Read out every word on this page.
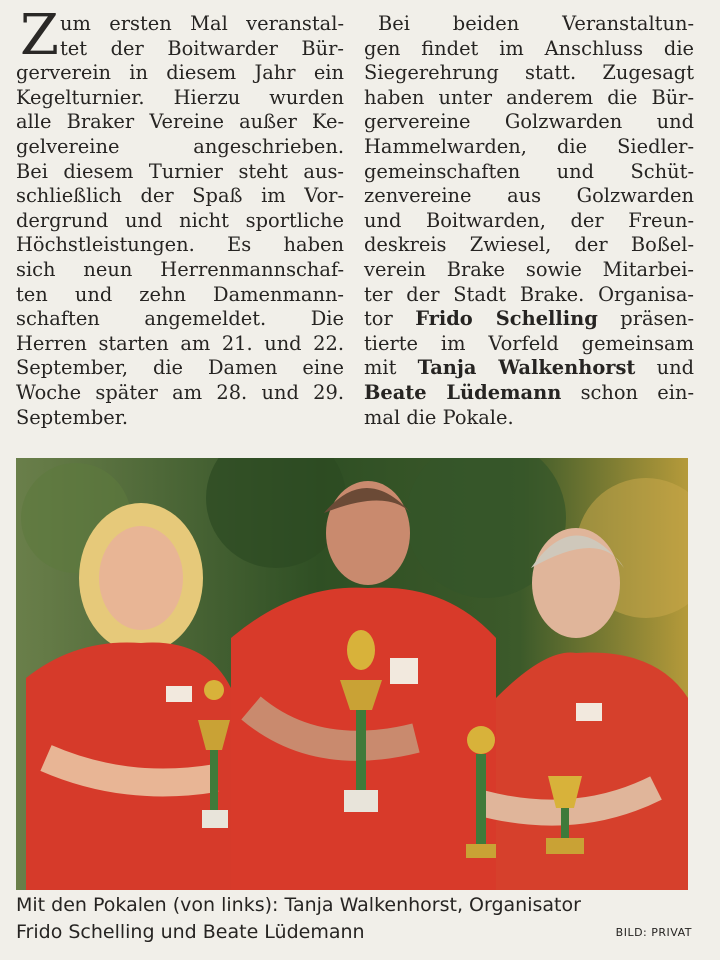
Z um ersten Mal veranstal-
tet der Boitwarder Bür-
gerverein in diesem Jahr ein
Kegelturnier. Hierzu wurden
alle Braker Vereine außer Ke-
gelvereine angeschrieben.
Bei diesem Turnier steht aus-
schließlich der Spaß im Vor-
dergrund und nicht sportliche
Höchstleistungen. Es haben
sich neun Herrenmannschaf-
ten und zehn Damenmann-
schaften angemeldet. Die
Herren starten am 21. und 22.
September, die Damen eine
Woche später am 28. und 29.
September.
Bei beiden Veranstaltun-
gen findet im Anschluss die
Siegerehrung statt. Zugesagt
haben unter anderem die Bür-
gervereine Golzwarden und
Hammelwarden, die Siedler-
gemeinschaften und Schüt-
zenvereine aus Golzwarden
und Boitwarden, der Freun-
deskreis Zwiesel, der Boßel-
verein Brake sowie Mitarbei-
ter der Stadt Brake. Organisa-
tor Frido Schelling präsen-
tierte im Vorfeld gemeinsam
mit Tanja Walkenhorst und
Beate Lüdemann schon ein-
mal die Pokale.
Mit den Pokalen (von links): Tanja Walkenhorst, Organisator
Frido Schelling und Beate Lüdemann	BILD: PRIVAT
